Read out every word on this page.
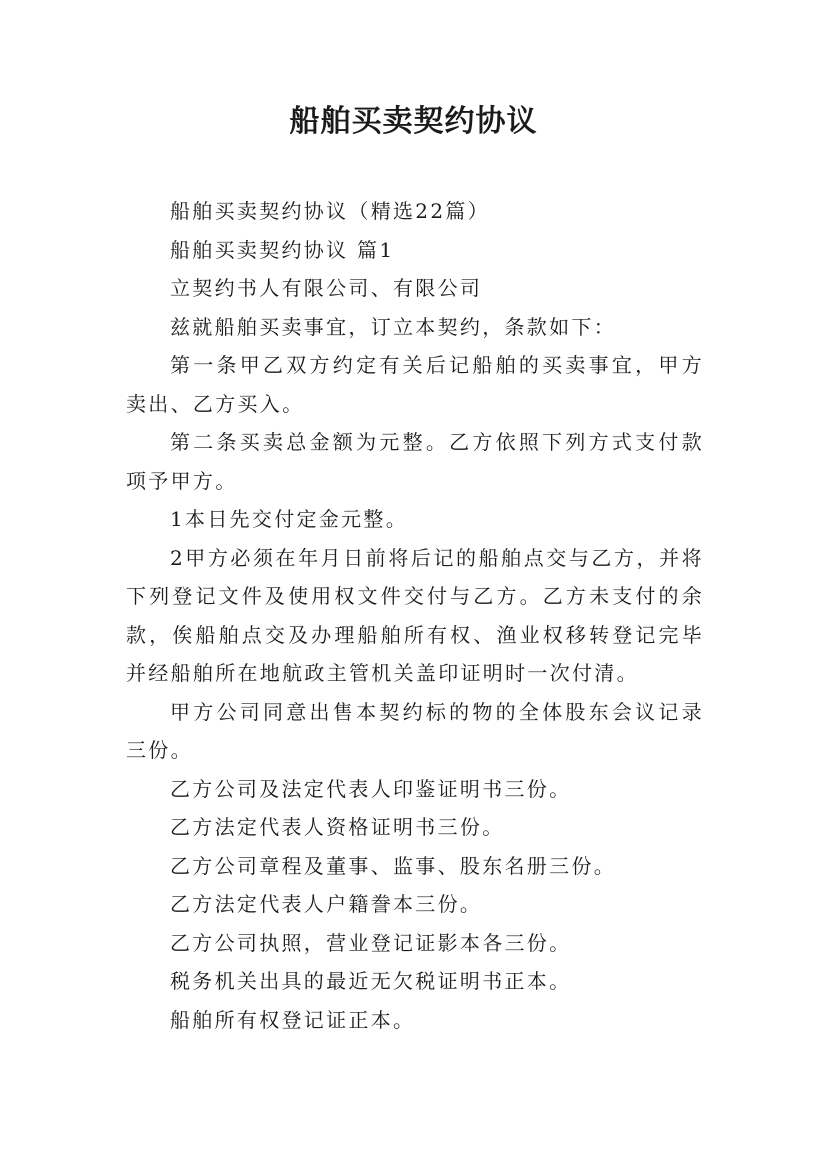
船舶买卖契约协议

船舶买卖契约协议（精选22篇）

船舶买卖契约协议 篇1

立契约书人有限公司、有限公司

兹就船舶买卖事宜，订立本契约，条款如下：

第一条甲乙双方约定有关后记船舶的买卖事宜，甲方卖出、乙方买入。

第二条买卖总金额为元整。乙方依照下列方式支付款项予甲方。

1本日先交付定金元整。

2甲方必须在年月日前将后记的船舶点交与乙方，并将下列登记文件及使用权文件交付与乙方。乙方未支付的余款，俟船舶点交及办理船舶所有权、渔业权移转登记完毕并经船舶所在地航政主管机关盖印证明时一次付清。

甲方公司同意出售本契约标的物的全体股东会议记录三份。

乙方公司及法定代表人印鉴证明书三份。

乙方法定代表人资格证明书三份。

乙方公司章程及董事、监事、股东名册三份。

乙方法定代表人户籍誊本三份。

乙方公司执照，营业登记证影本各三份。

税务机关出具的最近无欠税证明书正本。

船舶所有权登记证正本。
